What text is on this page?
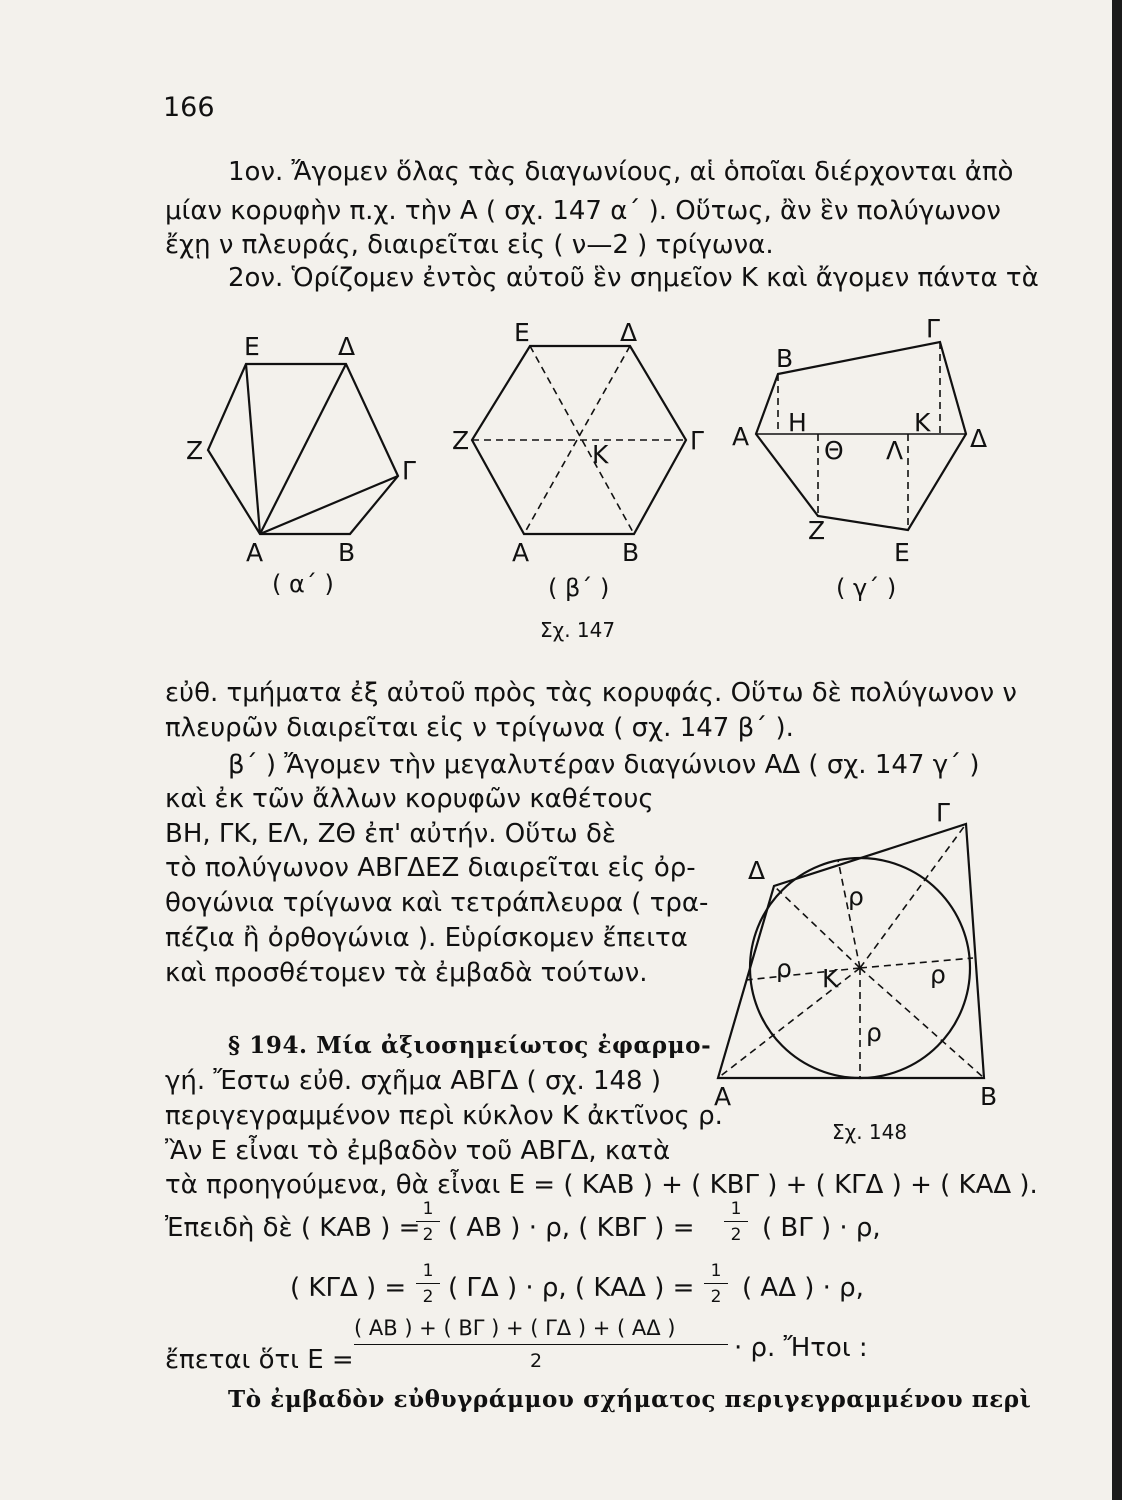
166
1ον. Ἄγομεν ὅλας τὰς διαγωνίους, αἱ ὁποῖαι διέρχονται ἀπὸ
μίαν κορυφὴν π.χ. τὴν Α ( σχ. 147 α΄ ). Οὕτως, ἂν ἓν πολύγωνον
ἔχῃ ν πλευράς, διαιρεῖται εἰς ( ν—2 ) τρίγωνα.
2ον. Ὁρίζομεν ἐντὸς αὐτοῦ ἓν σημεῖον Κ καὶ ἄγομεν πάντα τὰ
Ε	Δ
Ζ
Γ
Α	Β
( α΄ )
Ε	Δ
Ζ	Γ
Κ
Α	Β
( β΄ )
Β
Γ
Α Η	Κ
Δ
Θ Λ
Ζ
Ε
( γ΄ )
Σχ. 147
εὐθ. τμήματα ἐξ αὐτοῦ πρὸς τὰς κορυφάς. Οὕτω δὲ πολύγωνον ν
πλευρῶν διαιρεῖται εἰς ν τρίγωνα ( σχ. 147 β΄ ).
β΄ ) Ἄγομεν τὴν μεγαλυτέραν διαγώνιον ΑΔ ( σχ. 147 γ΄ )
καὶ ἐκ τῶν ἄλλων κορυφῶν καθέτους
ΒΗ, ΓΚ, ΕΛ, ΖΘ ἐπ' αὐτήν. Οὕτω δὲ
τὸ πολύγωνον ΑΒΓΔΕΖ διαιρεῖται εἰς ὀρ-
θογώνια τρίγωνα καὶ τετράπλευρα ( τρα-
πέζια ἢ ὀρθογώνια ). Εὑρίσκομεν ἔπειτα
καὶ προσθέτομεν τὰ ἐμβαδὰ τούτων.
§ 194. Μία ἀξιοσημείωτος ἐφαρμο-
γή. Ἔστω εὐθ. σχῆμα ΑΒΓΔ ( σχ. 148 )
περιγεγραμμένον περὶ κύκλον Κ ἀκτῖνος ρ.
Ἂν Ε εἶναι τὸ ἐμβαδὸν τοῦ ΑΒΓΔ, κατὰ
τὰ προηγούμενα, θὰ εἶναι Ε = ( ΚΑΒ ) + ( ΚΒΓ ) + ( ΚΓΔ ) + ( ΚΑΔ ).
Γ
Δ
Α	Β
Κ
ρ
ρ	ρ
ρ
Σχ. 148
Ἐπειδὴ δὲ ( ΚΑΒ ) =
1
2 ( ΑΒ ) · ρ, ( ΚΒΓ ) =
1
2 ( ΒΓ ) · ρ,
( ΚΓΔ ) =
1
2 ( ΓΔ ) · ρ, ( ΚΑΔ ) =
1
2 ( ΑΔ ) · ρ,
ἔπεται ὅτι Ε =
( ΑΒ ) + ( ΒΓ ) + ( ΓΔ ) + ( ΑΔ )
2	· ρ. Ἤτοι :
Τὸ ἐμβαδὸν εὐθυγράμμου σχήματος περιγεγραμμένου περὶ
